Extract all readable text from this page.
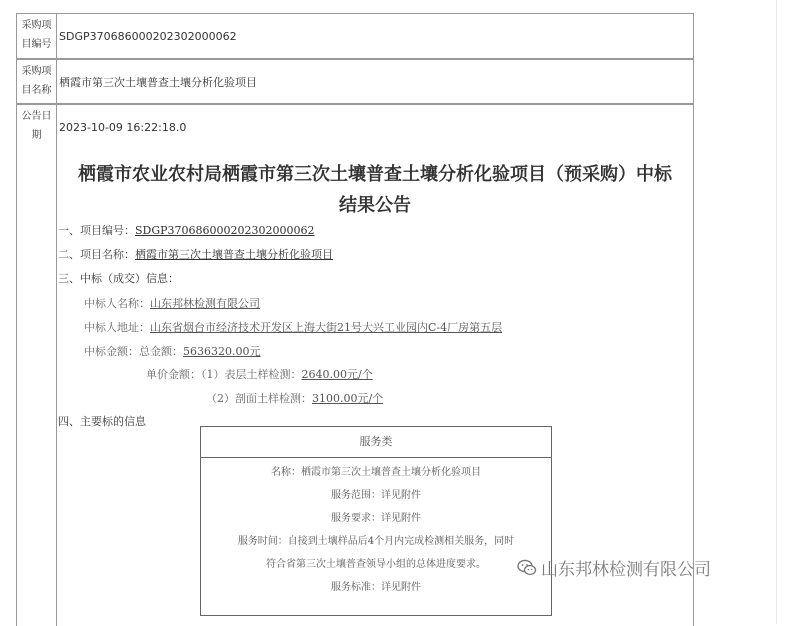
采购项目编号
SDGP370686000202302000062
采购项目名称
栖霞市第三次土壤普查土壤分析化验项目
公告日期
2023-10-09 16:22:18.0
栖霞市农业农村局栖霞市第三次土壤普查土壤分析化验项目（预采购）中标
结果公告
一、项目编号：SDGP370686000202302000062
二、项目名称：栖霞市第三次土壤普查土壤分析化验项目
三、中标（成交）信息：
中标人名称：山东邦林检测有限公司
中标人地址：山东省烟台市经济技术开发区上海大街21号大兴工业园内C-4厂房第五层
中标金额：总金额：5636320.00元
单价金额：（1）表层土样检测：2640.00元/个
（2）剖面土样检测：3100.00元/个
四、主要标的信息
服务类
名称：栖霞市第三次土壤普查土壤分析化验项目
服务范围：详见附件
服务要求：详见附件
服务时间：自接到土壤样品后4个月内完成检测相关服务，同时
符合省第三次土壤普查领导小组的总体进度要求。
服务标准：详见附件
山东邦林检测有限公司
